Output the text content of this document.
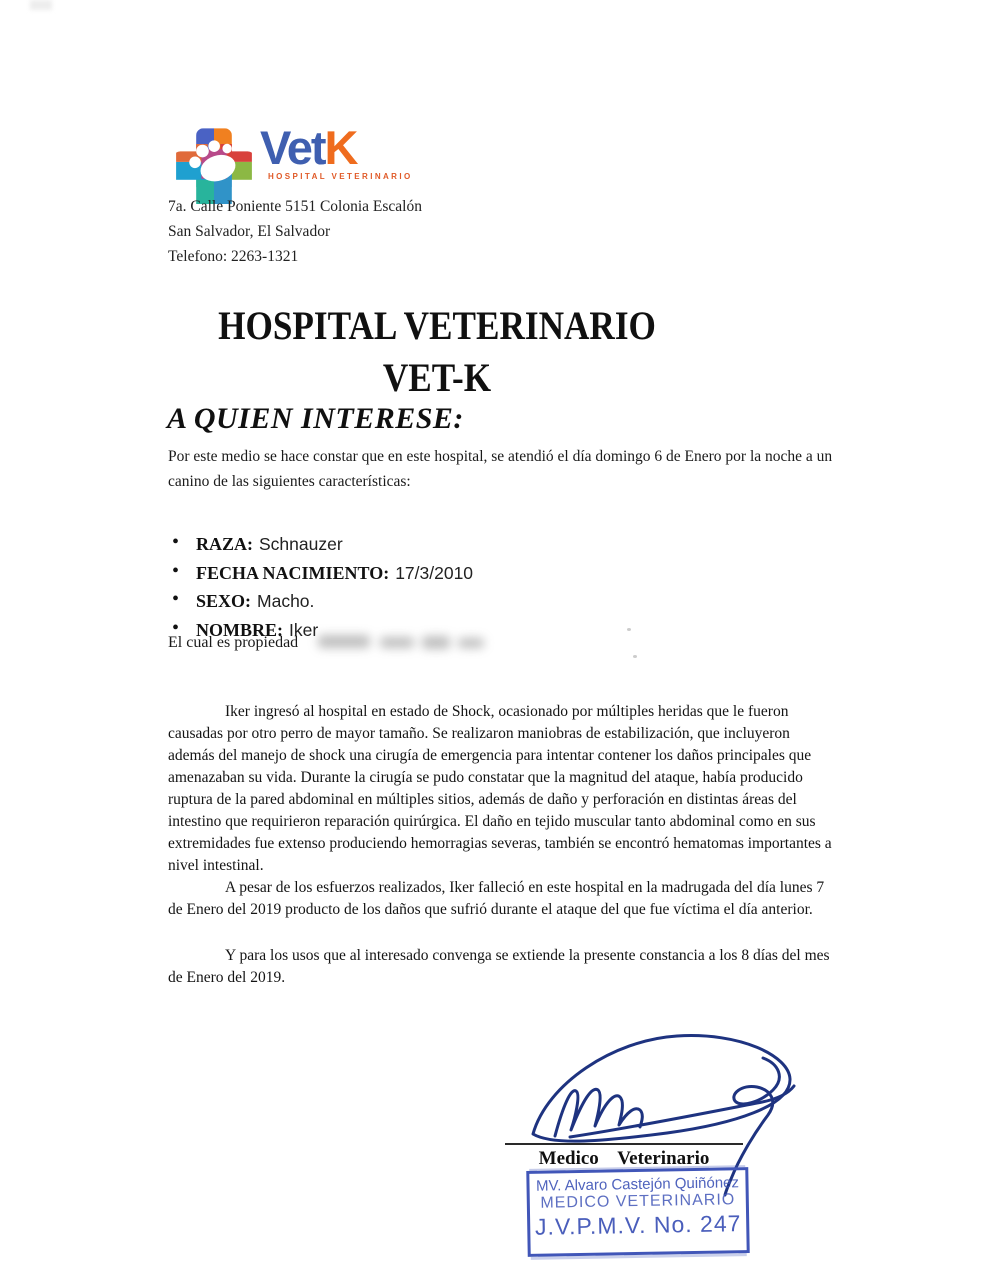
VetK
HOSPITAL VETERINARIO
7a. Calle Poniente 5151 Colonia Escalón
San Salvador, El Salvador
Telefono: 2263-1321
HOSPITAL VETERINARIO
VET-K
A QUIEN INTERESE:
Por este medio se hace constar que en este hospital, se atendió el día domingo 6 de Enero por la noche a un canino de las siguientes características:
• RAZA: Schnauzer
• FECHA NACIMIENTO: 17/3/2010
• SEXO: Macho.
• NOMBRE: Iker
El cual es propiedad

Iker ingresó al hospital en estado de Shock, ocasionado por múltiples heridas que le fueron causadas por otro perro de mayor tamaño. Se realizaron maniobras de estabilización, que incluyeron además del manejo de shock una cirugía de emergencia para intentar contener los daños principales que amenazaban su vida. Durante la cirugía se pudo constatar que la magnitud del ataque, había producido ruptura de la pared abdominal en múltiples sitios, además de daño y perforación en distintas áreas del intestino que requirieron reparación quirúrgica. El daño en tejido muscular tanto abdominal como en sus extremidades fue extenso produciendo hemorragias severas, también se encontró hematomas importantes a nivel intestinal.

A pesar de los esfuerzos realizados, Iker falleció en este hospital en la madrugada del día lunes 7 de Enero del 2019 producto de los daños que sufrió durante el ataque del que fue víctima el día anterior.

Y para los usos que al interesado convenga se extiende la presente constancia a los 8 días del mes de Enero del 2019.

Medico Veterinario
MV. Alvaro Castejón Quiñónez
MEDICO VETERINARIO
J.V.P.M.V. No. 247
